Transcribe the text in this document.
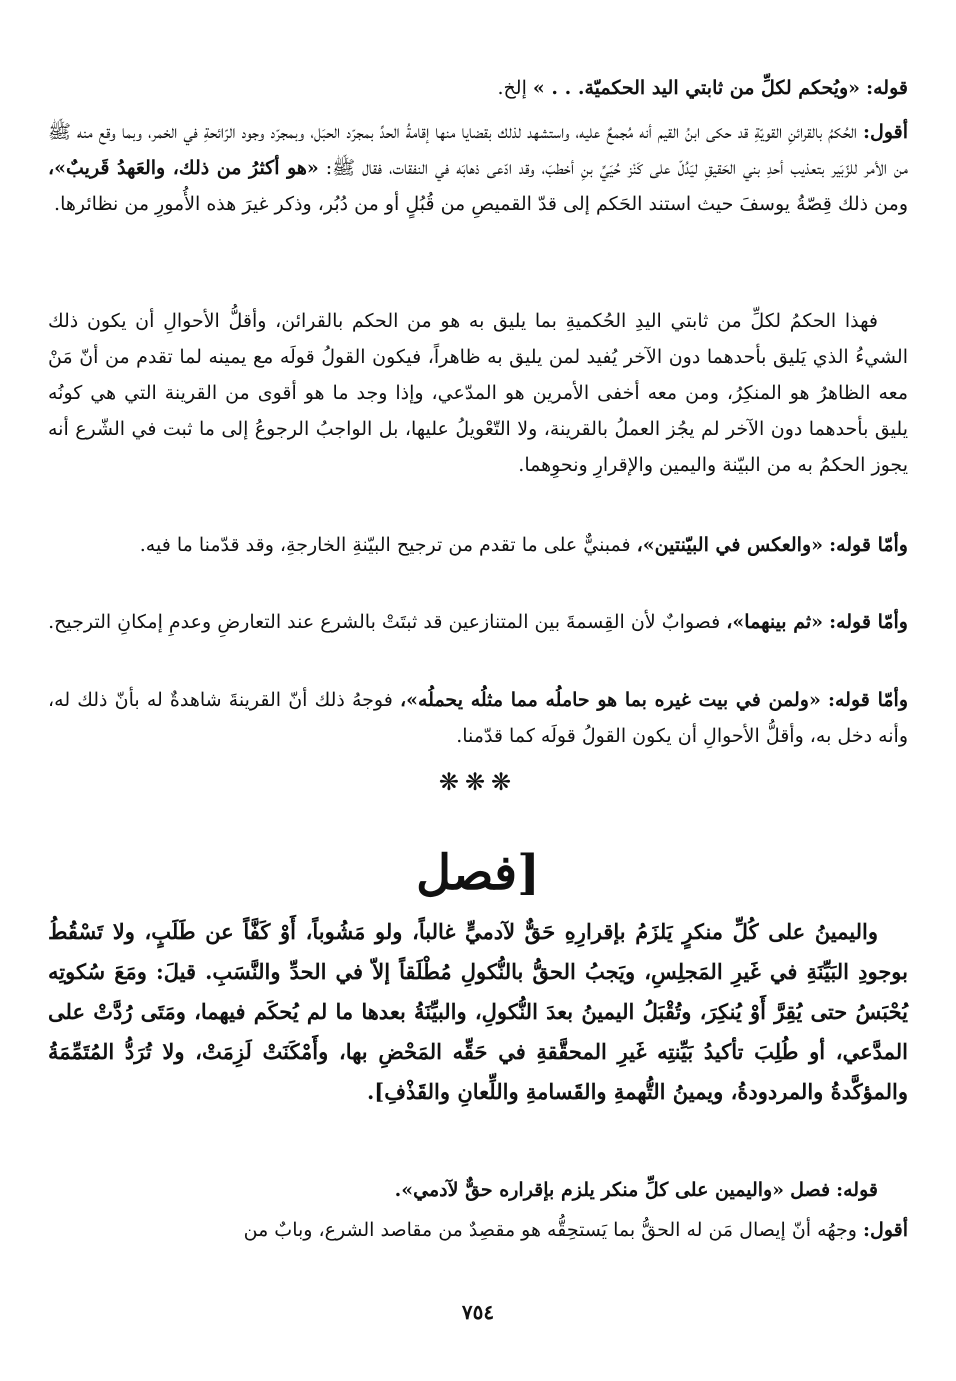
قوله: «ويُحكم لكلِّ من ثابتي اليد الحكميّة. . . » إلخ.

أقول: الحُكمُ بالقرائنِ القويّةِ قد حكى ابنُ القيم أنه مُجمعٌ عليه، واستشهد لذلك بقضايا منها إقامةُ الحدِّ بمجرّد الحبَل، وبمجرّد وجود الرّائحةِ في الخمر، وبما وقع منه ﷺ من الأمر للزّبَير بتعذيب أحدِ بني الحَقيقِ ليَدُلّ على كَنْز حُيَيِّ بنِ أخطبَ، وقد ادّعى ذهابَه في النفقات، فقال ﷺ: «هو أكثرُ من ذلك، والعَهدُ قَريبٌ»، ومن ذلك قِصّةُ يوسفَ حيث استند الحَكم إلى قدّ القميصِ من قُبُلٍ أو من دُبُر، وذكر غيرَ هذه الأُمورِ من نظائرها.

فهذا الحكمُ لكلِّ من ثابتي اليدِ الحُكميةِ بما يليق به هو من الحكم بالقرائن، وأقلُّ الأحوالِ أن يكون ذلك الشيءُ الذي يَليق بأحدهما دون الآخر يُفيد لمن يليق به ظاهراً، فيكون القولُ قولَه مع يمينه لما تقدم من أنّ مَنْ معه الظاهرُ هو المنكِرُ، ومن معه أخفى الأمرين هو المدّعي، وإذا وجد ما هو أقوى من القرينة التي هي كونُه يليق بأحدهما دون الآخر لم يجُز العملُ بالقرينة، ولا التّعْويلُ عليها، بل الواجبُ الرجوعُ إلى ما ثبت في الشّرع أنه يجوز الحكمُ به من البيّنة واليمين والإقرارِ ونحوِهما.

وأمّا قوله: «والعكس في البيّنتين»، فمبنيٌّ على ما تقدم من ترجيح البيّنةِ الخارجةِ، وقد قدّمنا ما فيه.

وأمّا قوله: «ثم بينهما»، فصوابٌ لأن القِسمةَ بين المتنازعين قد ثبتَتْ بالشرع عند التعارضِ وعدمِ إمكانِ الترجيح.

وأمّا قوله: «ولمن في بيت غيره بما هو حاملُه مما مثلُه يحملُه»، فوجهُ ذلك أنّ القرينةَ شاهدةٌ له بأنّ ذلك له، وأنه دخل به، وأقلُّ الأحوالِ أن يكون القولُ قولَه كما قدّمنا.

❋❋❋
[فصل

واليمينُ على كُلِّ منكرٍ يَلزَمُ بإقرارِهِ حَقٌّ لآدميٍّ غالباً، ولو مَشُوباً، أَوْ كَفَّاً عن طَلَبٍ، ولا تَسْقُطُ بوجودِ البَيِّنَةِ في غَيرِ المَجلِسِ، ويَجبُ الحقُّ بالنُّكولِ مُطْلَقاً إلاّ في الحدِّ والنَّسَبِ. قيلَ: ومَعَ سُكوتِه يُحْبَسُ حتى يُقِرَّ أَوْ يُنكِرَ، وتُقْبَلُ اليمينُ بعدَ النُّكولِ، والبيِّنَةُ بعدها ما لم يُحكَم فيهما، ومَتَى رُدَّتْ على المدَّعي، أو طُلِبَ تأكيدُ بَيِّنتِه غَيرِ المحقَّقةِ في حَقِّه المَحْضِ بها، وأَمْكَنَتْ لَزِمَتْ، ولا تُرَدُّ المُتَمِّمَةُ والمؤكَّدةُ والمردودةُ، ويمينُ التُّهمةِ والقَسامةِ واللِّعانِ والقَذْفِ].

قوله: فصل «واليمين على كلِّ منكر يلزم بإقراره حقٌّ لآدمي».

أقول: وجهُه أنّ إيصال مَن له الحقُّ بما يَستحِقُّه هو مقصِدٌ من مقاصد الشرع، وبابٌ من

٧٥٤
